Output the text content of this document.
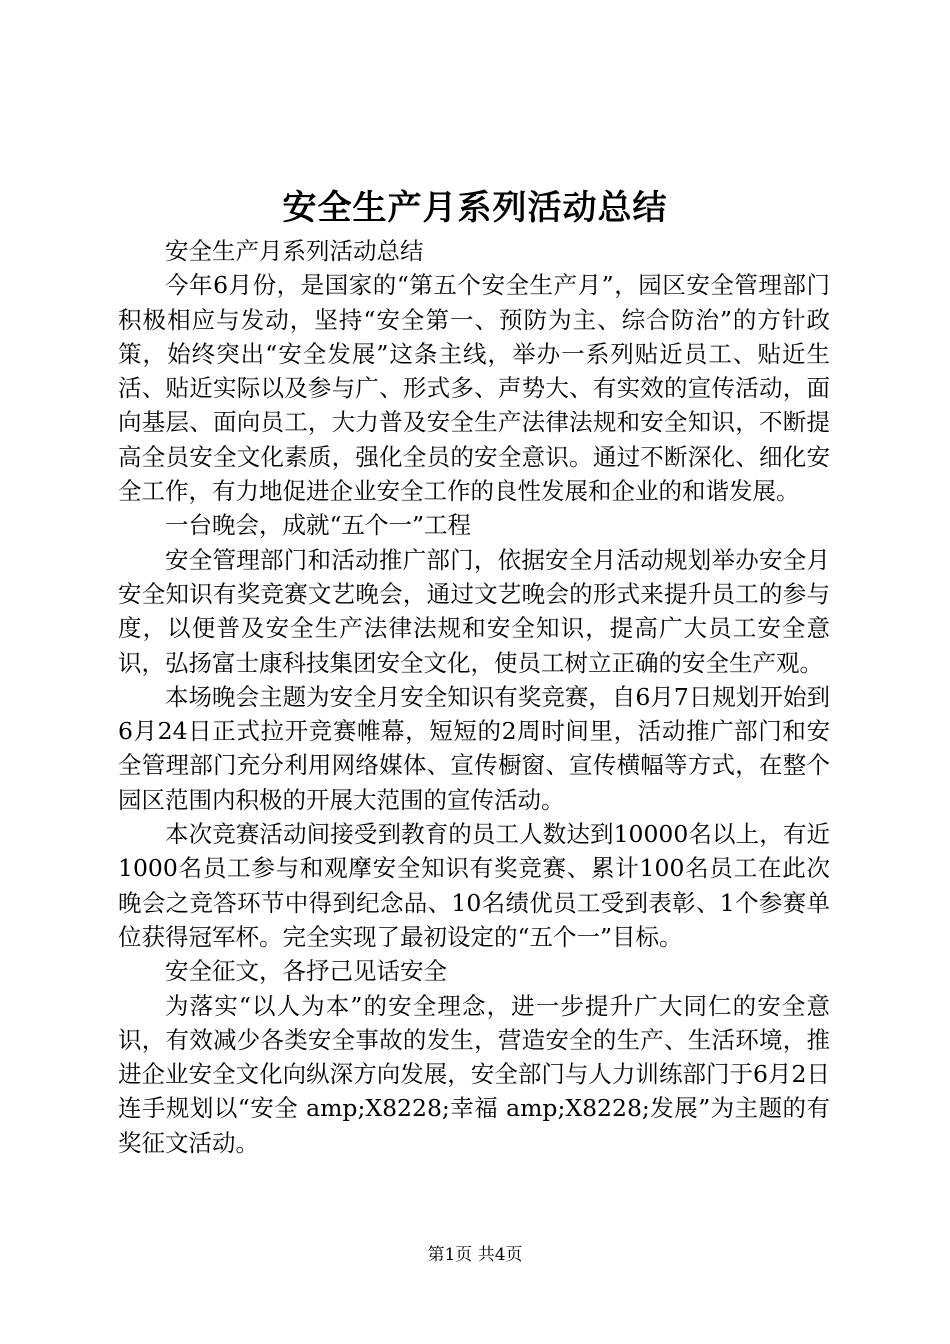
安全生产月系列活动总结

安全生产月系列活动总结

今年6月份，是国家的“第五个安全生产月”，园区安全管理部门积极相应与发动，坚持“安全第一、预防为主、综合防治”的方针政策，始终突出“安全发展”这条主线，举办一系列贴近员工、贴近生活、贴近实际以及参与广、形式多、声势大、有实效的宣传活动，面向基层、面向员工，大力普及安全生产法律法规和安全知识，不断提高全员安全文化素质，强化全员的安全意识。通过不断深化、细化安全工作，有力地促进企业安全工作的良性发展和企业的和谐发展。

一台晚会，成就“五个一”工程

安全管理部门和活动推广部门，依据安全月活动规划举办安全月安全知识有奖竞赛文艺晚会，通过文艺晚会的形式来提升员工的参与度，以便普及安全生产法律法规和安全知识，提高广大员工安全意识，弘扬富士康科技集团安全文化，使员工树立正确的安全生产观。

本场晚会主题为安全月安全知识有奖竞赛，自6月7日规划开始到6月24日正式拉开竞赛帷幕，短短的2周时间里，活动推广部门和安全管理部门充分利用网络媒体、宣传橱窗、宣传横幅等方式，在整个园区范围内积极的开展大范围的宣传活动。

本次竞赛活动间接受到教育的员工人数达到10000名以上，有近1000名员工参与和观摩安全知识有奖竞赛、累计100名员工在此次晚会之竞答环节中得到纪念品、10名绩优员工受到表彰、1个参赛单位获得冠军杯。完全实现了最初设定的“五个一”目标。

安全征文，各抒己见话安全

为落实“以人为本”的安全理念，进一步提升广大同仁的安全意识，有效减少各类安全事故的发生，营造安全的生产、生活环境，推进企业安全文化向纵深方向发展，安全部门与人力训练部门于6月2日连手规划以“安全 amp;X8228;幸福 amp;X8228;发展”为主题的有奖征文活动。

第1页 共4页
